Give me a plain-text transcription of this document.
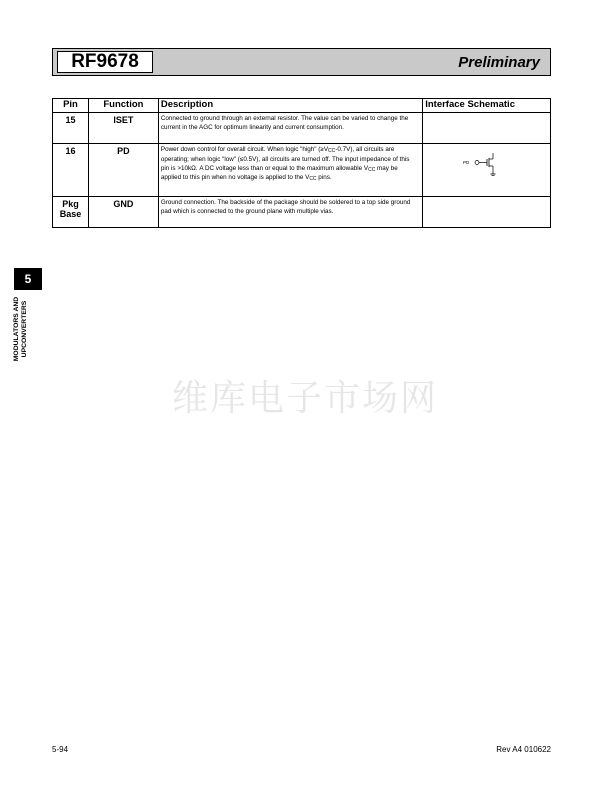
RF9678	Preliminary
Pin	Function	Description	Interface Schematic
15	ISET	Connected to ground through an external resistor. The value can be varied to change the current in the AGC for optimum linearity and current consumption.	
16	PD	Power down control for overall circuit. When logic "high" $(\ge V_{CC}-0.7V)$, all circuits are operating; when logic "low" (≤0.5V), all circuits are turned off. The input impedance of this pin is >10kΩ. A DC voltage less than or equal to the maximum allowable $V_{CC}$ may be applied to this pin when no voltage is applied to the $V_{CC}$ pins.	PD

Pkg
Base	GND	Ground connection. The backside of the package should be soldered to a top side ground pad which is connected to the ground plane with multiple vias.	
5
MODULATORS AND
UPCONVERTERS
维库电子市场网
5-94	Rev A4 010622
